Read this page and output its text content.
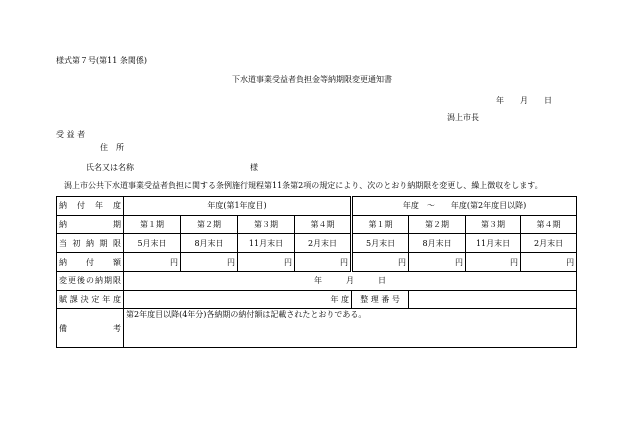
様式第７号(第11 条関係)
下水道事業受益者負担金等納期限変更通知書
年　　月　　日
潟上市長
受 益 者
住　所
氏名又は名称	様
潟上市公共下水道事業受益者負担に関する条例施行規程第11条第2項の規定により、次のとおり納期限を変更し、繰上徴収をします。
納付年度	年度(第1年度目)				年度　～　　年度(第2年度目以降)			
納期	第１期	第２期	第３期	第４期	第１期	第２期	第３期	第４期
当初納期限	5月末日	8月末日	11月末日	2月末日	5月末日	8月末日	11月末日	2月末日
納付額	円	円	円	円	円	円	円	円
変更後の納期限	年　　　月　　　日							
賦課決定年度	年 度				整 理 番 号			
備考	第2年度目以降(4年分)各納期の納付額は記載されたとおりである。							
